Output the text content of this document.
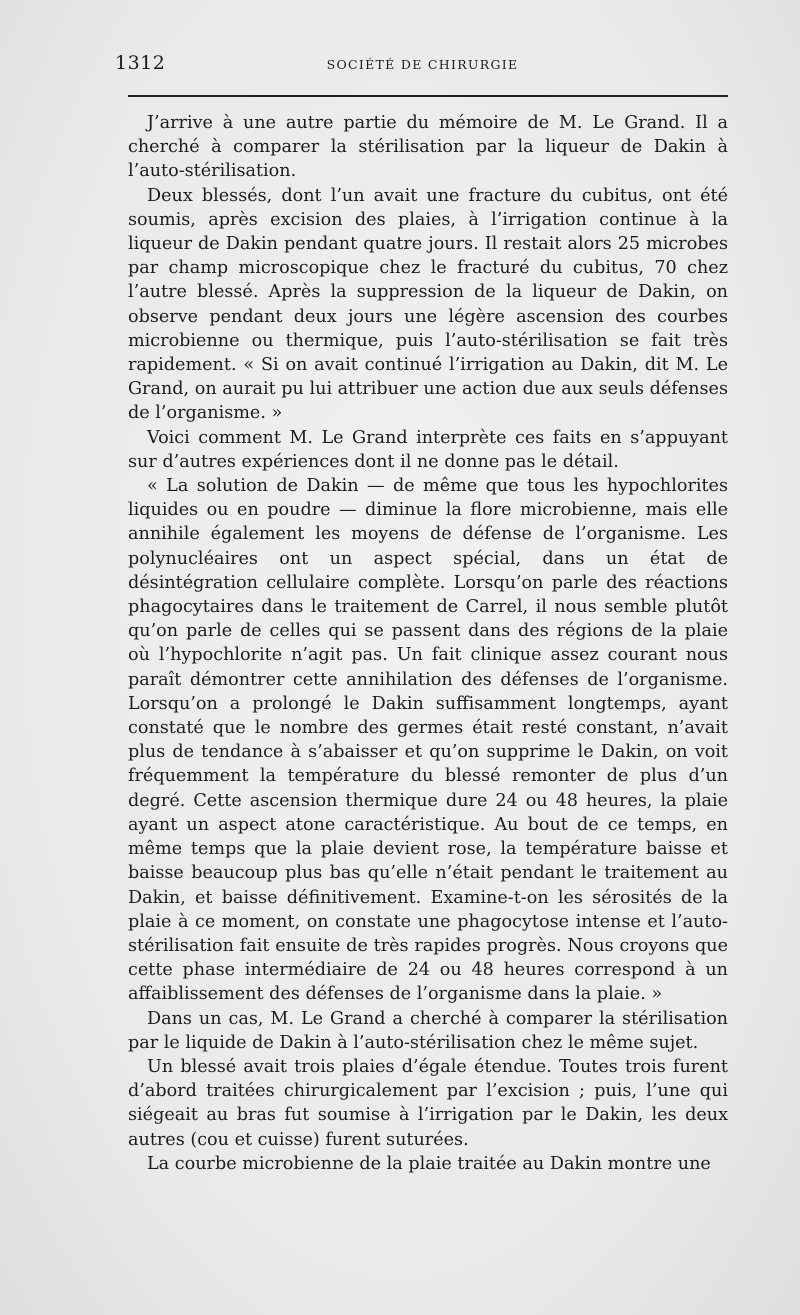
1312	SOCIÉTÉ DE CHIRURGIE

J’arrive à une autre partie du mémoire de M. Le Grand. Il a cherché à comparer la stérilisation par la liqueur de Dakin à l’auto-stérilisation.

Deux blessés, dont l’un avait une fracture du cubitus, ont été soumis, après excision des plaies, à l’irrigation continue à la liqueur de Dakin pendant quatre jours. Il restait alors 25 microbes par champ microscopique chez le fracturé du cubitus, 70 chez l’autre blessé. Après la suppression de la liqueur de Dakin, on observe pendant deux jours une légère ascension des courbes microbienne ou thermique, puis l’auto-stérilisation se fait très rapidement. « Si on avait continué l’irrigation au Dakin, dit M. Le Grand, on aurait pu lui attribuer une action due aux seuls défenses de l’organisme. »

Voici comment M. Le Grand interprète ces faits en s’appuyant sur d’autres expériences dont il ne donne pas le détail.

« La solution de Dakin — de même que tous les hypochlorites liquides ou en poudre — diminue la flore microbienne, mais elle annihile également les moyens de défense de l’organisme. Les polynucléaires ont un aspect spécial, dans un état de désintégration cellulaire complète. Lorsqu’on parle des réactions phagocytaires dans le traitement de Carrel, il nous semble plutôt qu’on parle de celles qui se passent dans des régions de la plaie où l’hypochlorite n’agit pas. Un fait clinique assez courant nous paraît démontrer cette annihilation des défenses de l’organisme. Lorsqu’on a prolongé le Dakin suffisamment longtemps, ayant constaté que le nombre des germes était resté constant, n’avait plus de tendance à s’abaisser et qu’on supprime le Dakin, on voit fréquemment la température du blessé remonter de plus d’un degré. Cette ascension thermique dure 24 ou 48 heures, la plaie ayant un aspect atone caractéristique. Au bout de ce temps, en même temps que la plaie devient rose, la température baisse et baisse beaucoup plus bas qu’elle n’était pendant le traitement au Dakin, et baisse définitivement. Examine-t-on les sérosités de la plaie à ce moment, on constate une phagocytose intense et l’auto-stérilisation fait ensuite de très rapides progrès. Nous croyons que cette phase intermédiaire de 24 ou 48 heures correspond à un affaiblissement des défenses de l’organisme dans la plaie. »

Dans un cas, M. Le Grand a cherché à comparer la stérilisation par le liquide de Dakin à l’auto-stérilisation chez le même sujet.

Un blessé avait trois plaies d’égale étendue. Toutes trois furent d’abord traitées chirurgicalement par l’excision ; puis, l’une qui siégeait au bras fut soumise à l’irrigation par le Dakin, les deux autres (cou et cuisse) furent suturées.

La courbe microbienne de la plaie traitée au Dakin montre une
